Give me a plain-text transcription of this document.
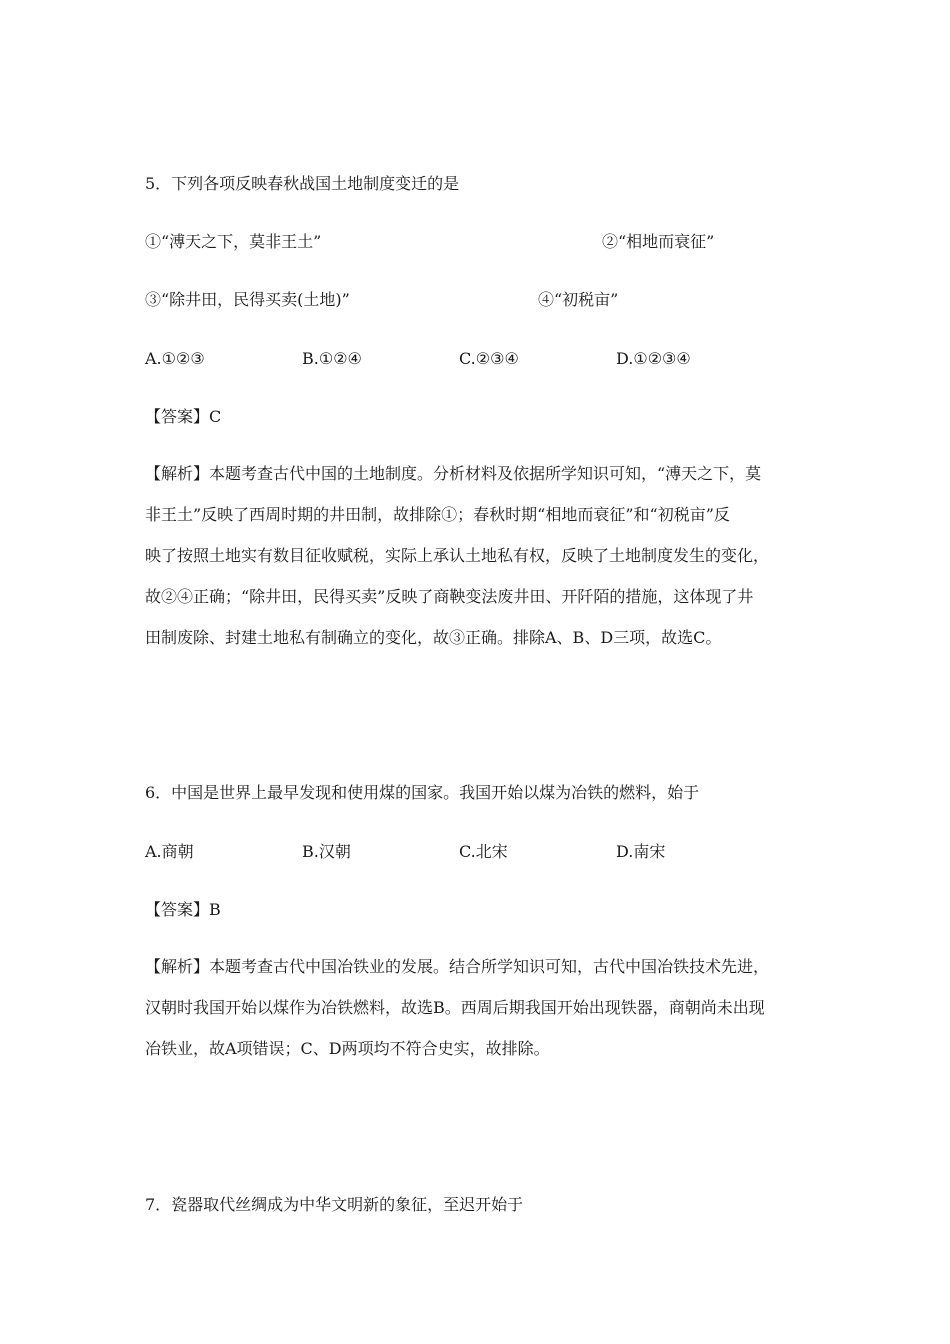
5．下列各项反映春秋战国土地制度变迁的是
①“溥天之下，莫非王土”	②“相地而衰征”
③“除井田，民得买卖(土地)”	④“初税亩”
A.①②③	B.①②④	C.②③④	D.①②③④
【答案】C

【解析】本题考查古代中国的土地制度。分析材料及依据所学知识可知，“溥天之下，莫

非王土”反映了西周时期的井田制，故排除①；春秋时期“相地而衰征”和“初税亩”反

映了按照土地实有数目征收赋税，实际上承认土地私有权，反映了土地制度发生的变化，

故②④正确；“除井田，民得买卖”反映了商鞅变法废井田、开阡陌的措施，这体现了井

田制废除、封建土地私有制确立的变化，故③正确。排除A、B、D三项，故选C。

6．中国是世界上最早发现和使用煤的国家。我国开始以煤为冶铁的燃料，始于
A.商朝	B.汉朝	C.北宋	D.南宋
【答案】B

【解析】本题考查古代中国冶铁业的发展。结合所学知识可知，古代中国冶铁技术先进，

汉朝时我国开始以煤作为冶铁燃料，故选B。西周后期我国开始出现铁器，商朝尚未出现

冶铁业，故A项错误；C、D两项均不符合史实，故排除。

7．瓷器取代丝绸成为中华文明新的象征，至迟开始于
